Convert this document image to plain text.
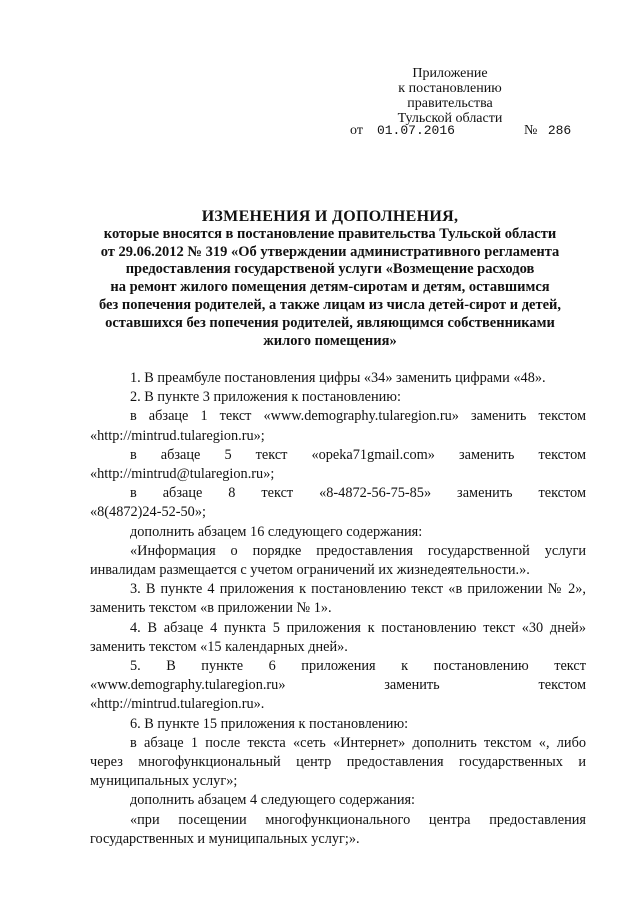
Приложение
к постановлению правительства
Тульской области
от 01.07.2016	№ 286
ИЗМЕНЕНИЯ И ДОПОЛНЕНИЯ,
которые вносятся в постановление правительства Тульской области
от 29.06.2012 № 319 «Об утверждении административного регламента
предоставления государственой услуги «Возмещение расходов
на ремонт жилого помещения детям-сиротам и детям, оставшимся
без попечения родителей, а также лицам из числа детей-сирот и детей,
оставшихся без попечения родителей, являющимся собственниками
жилого помещения»

1. В преамбуле постановления цифры «34» заменить цифрами «48».

2. В пункте 3 приложения к постановлению:

в абзаце 1 текст «www.demography.tularegion.ru» заменить текстом

«http://mintrud.tularegion.ru»;

в абзаце 5 текст «opeka71gmail.com» заменить текстом

«http://mintrud@tularegion.ru»;

в абзаце 8 текст «8-4872-56-75-85» заменить текстом

«8(4872)24-52-50»;

дополнить абзацем 16 следующего содержания:

«Информация о порядке предоставления государственной услуги

инвалидам размещается с учетом ограничений их жизнедеятельности.».

3. В пункте 4 приложения к постановлению текст «в приложении № 2»,

заменить текстом «в приложении № 1».

4. В абзаце 4 пункта 5 приложения к постановлению текст «30 дней»

заменить текстом «15 календарных дней».

5. В пункте 6 приложения к постановлению текст

«www.demography.tularegion.ru» заменить текстом

«http://mintrud.tularegion.ru».

6. В пункте 15 приложения к постановлению:

в абзаце 1 после текста «сеть «Интернет» дополнить текстом «, либо

через многофункциональный центр предоставления государственных и

муниципальных услуг»;

дополнить абзацем 4 следующего содержания:

«при посещении многофункционального центра предоставления

государственных и муниципальных услуг;».
